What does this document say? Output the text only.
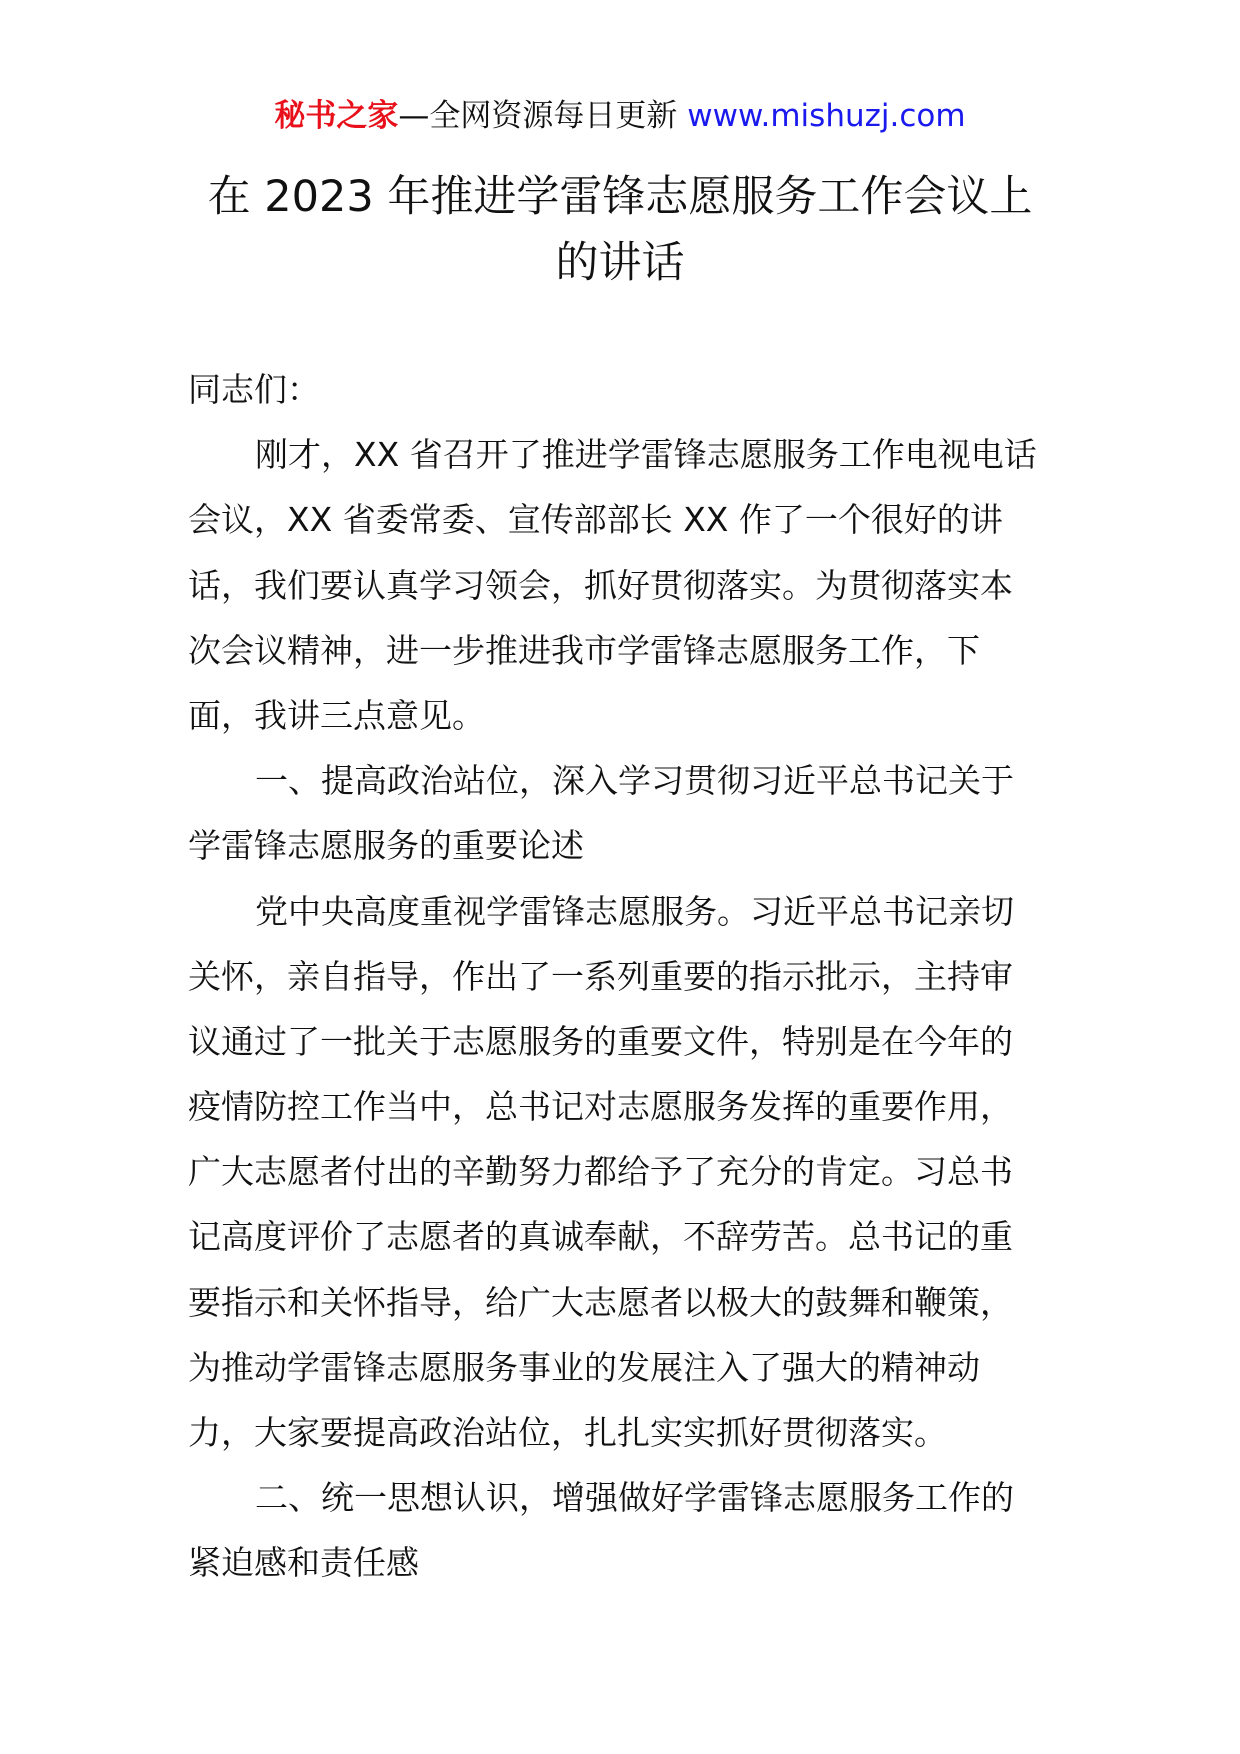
秘书之家—全网资源每日更新 www.mishuzj.com
在 2023 年推进学雷锋志愿服务工作会议上
的讲话
同志们：
刚才，XX 省召开了推进学雷锋志愿服务工作电视电话
会议，XX 省委常委、宣传部部长 XX 作了一个很好的讲
话，我们要认真学习领会，抓好贯彻落实。为贯彻落实本
次会议精神，进一步推进我市学雷锋志愿服务工作，下
面，我讲三点意见。
一、提高政治站位，深入学习贯彻习近平总书记关于
学雷锋志愿服务的重要论述
党中央高度重视学雷锋志愿服务。习近平总书记亲切
关怀，亲自指导，作出了一系列重要的指示批示，主持审
议通过了一批关于志愿服务的重要文件，特别是在今年的
疫情防控工作当中，总书记对志愿服务发挥的重要作用，
广大志愿者付出的辛勤努力都给予了充分的肯定。习总书
记高度评价了志愿者的真诚奉献，不辞劳苦。总书记的重
要指示和关怀指导，给广大志愿者以极大的鼓舞和鞭策，
为推动学雷锋志愿服务事业的发展注入了强大的精神动
力，大家要提高政治站位，扎扎实实抓好贯彻落实。
二、统一思想认识，增强做好学雷锋志愿服务工作的
紧迫感和责任感
